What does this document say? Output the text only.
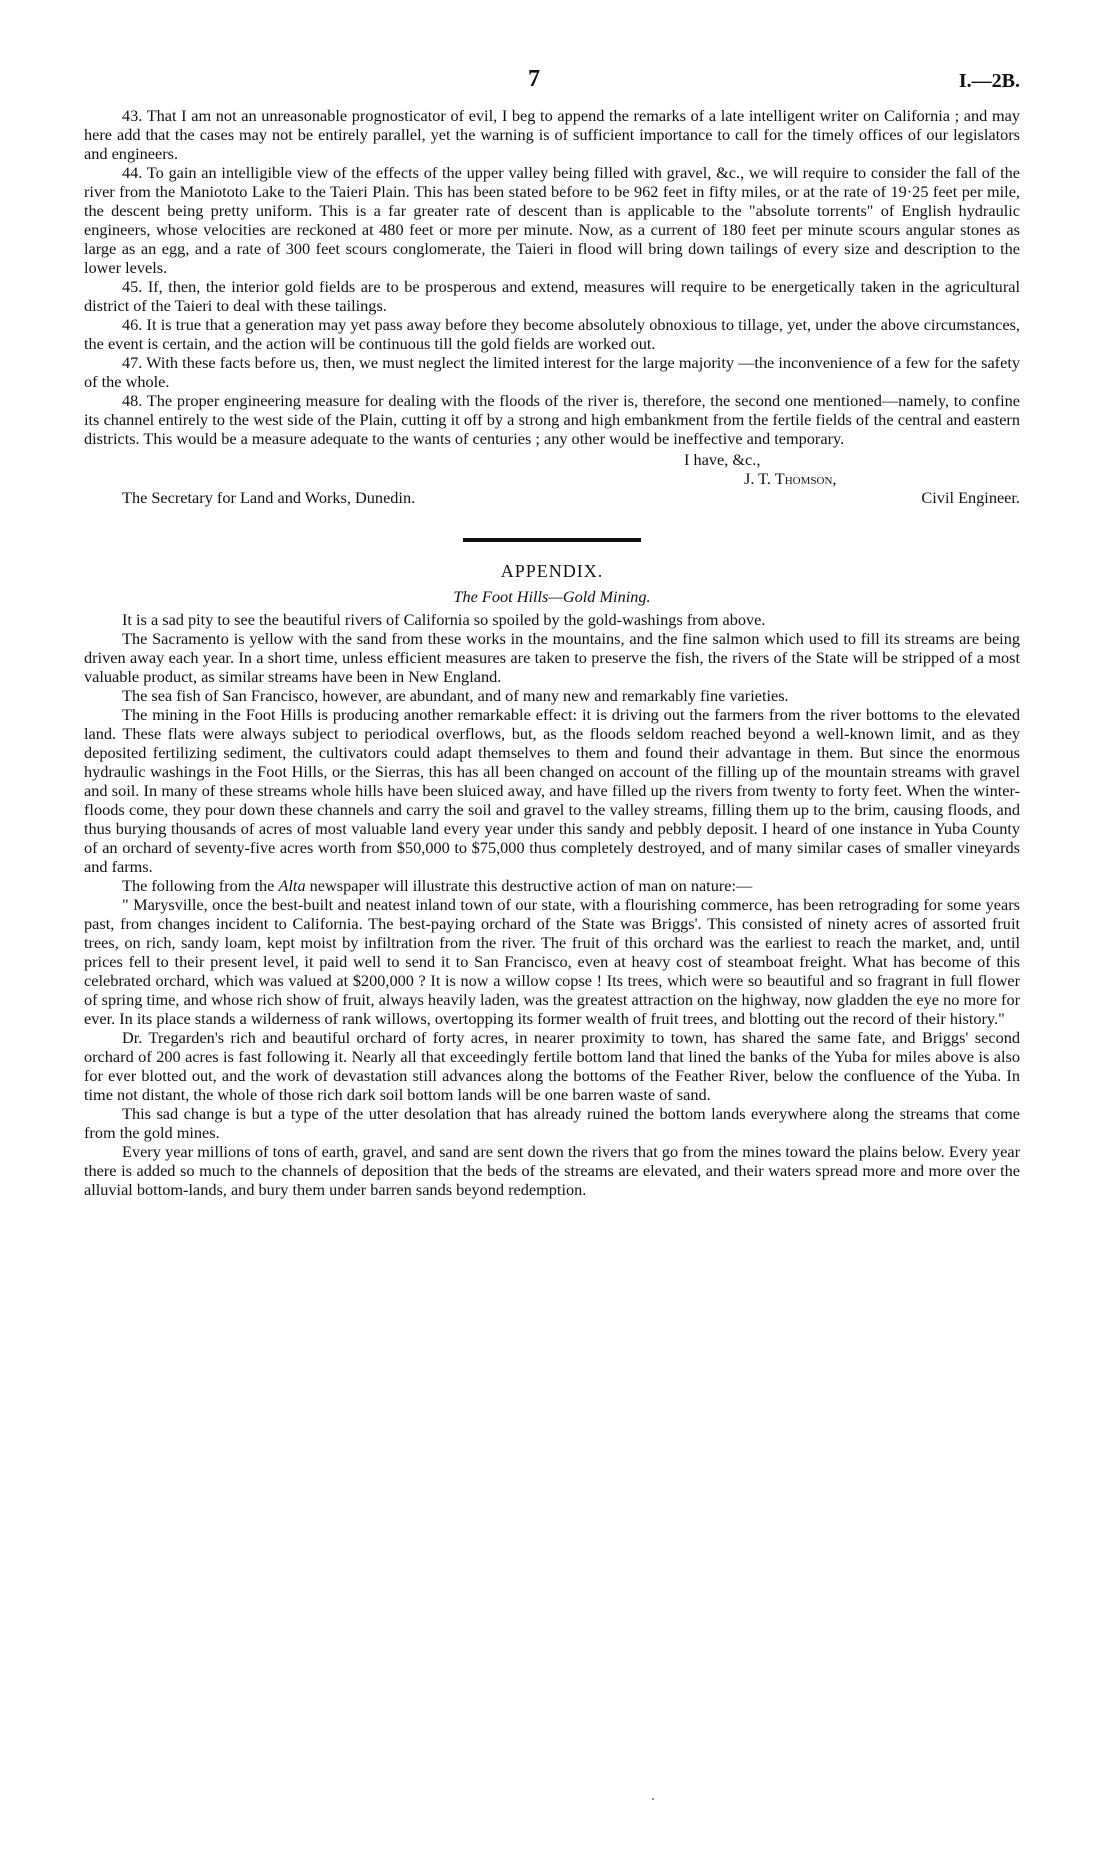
7	I.—2B.

43. That I am not an unreasonable prognosticator of evil, I beg to append the remarks of a late intelligent writer on California ; and may here add that the cases may not be entirely parallel, yet the warning is of sufficient importance to call for the timely offices of our legislators and engineers.

44. To gain an intelligible view of the effects of the upper valley being filled with gravel, &c., we will require to consider the fall of the river from the Maniototo Lake to the Taieri Plain. This has been stated before to be 962 feet in fifty miles, or at the rate of 19·25 feet per mile, the descent being pretty uniform. This is a far greater rate of descent than is applicable to the "absolute torrents" of English hydraulic engineers, whose velocities are reckoned at 480 feet or more per minute. Now, as a current of 180 feet per minute scours angular stones as large as an egg, and a rate of 300 feet scours conglomerate, the Taieri in flood will bring down tailings of every size and description to the lower levels.

45. If, then, the interior gold fields are to be prosperous and extend, measures will require to be energetically taken in the agricultural district of the Taieri to deal with these tailings.

46. It is true that a generation may yet pass away before they become absolutely obnoxious to tillage, yet, under the above circumstances, the event is certain, and the action will be continuous till the gold fields are worked out.

47. With these facts before us, then, we must neglect the limited interest for the large majority —the inconvenience of a few for the safety of the whole.

48. The proper engineering measure for dealing with the floods of the river is, therefore, the second one mentioned—namely, to confine its channel entirely to the west side of the Plain, cutting it off by a strong and high embankment from the fertile fields of the central and eastern districts. This would be a measure adequate to the wants of centuries ; any other would be ineffective and temporary.

I have, &c.,
J. T. Thomson,
Civil Engineer.
The Secretary for Land and Works, Dunedin.
APPENDIX.
The Foot Hills—Gold Mining.

It is a sad pity to see the beautiful rivers of California so spoiled by the gold-washings from above.

The Sacramento is yellow with the sand from these works in the mountains, and the fine salmon which used to fill its streams are being driven away each year. In a short time, unless efficient measures are taken to preserve the fish, the rivers of the State will be stripped of a most valuable product, as similar streams have been in New England.

The sea fish of San Francisco, however, are abundant, and of many new and remarkably fine varieties.

The mining in the Foot Hills is producing another remarkable effect: it is driving out the farmers from the river bottoms to the elevated land. These flats were always subject to periodical overflows, but, as the floods seldom reached beyond a well-known limit, and as they deposited fertilizing sediment, the cultivators could adapt themselves to them and found their advantage in them. But since the enormous hydraulic washings in the Foot Hills, or the Sierras, this has all been changed on account of the filling up of the mountain streams with gravel and soil. In many of these streams whole hills have been sluiced away, and have filled up the rivers from twenty to forty feet. When the winter-floods come, they pour down these channels and carry the soil and gravel to the valley streams, filling them up to the brim, causing floods, and thus burying thousands of acres of most valuable land every year under this sandy and pebbly deposit. I heard of one instance in Yuba County of an orchard of seventy-five acres worth from $50,000 to $75,000 thus completely destroyed, and of many similar cases of smaller vineyards and farms.

The following from the Alta newspaper will illustrate this destructive action of man on nature:—

" Marysville, once the best-built and neatest inland town of our state, with a flourishing commerce, has been retrograding for some years past, from changes incident to California. The best-paying orchard of the State was Briggs'. This consisted of ninety acres of assorted fruit trees, on rich, sandy loam, kept moist by infiltration from the river. The fruit of this orchard was the earliest to reach the market, and, until prices fell to their present level, it paid well to send it to San Francisco, even at heavy cost of steamboat freight. What has become of this celebrated orchard, which was valued at $200,000 ? It is now a willow copse ! Its trees, which were so beautiful and so fragrant in full flower of spring time, and whose rich show of fruit, always heavily laden, was the greatest attraction on the highway, now gladden the eye no more for ever. In its place stands a wilderness of rank willows, overtopping its former wealth of fruit trees, and blotting out the record of their history."

Dr. Tregarden's rich and beautiful orchard of forty acres, in nearer proximity to town, has shared the same fate, and Briggs' second orchard of 200 acres is fast following it. Nearly all that exceedingly fertile bottom land that lined the banks of the Yuba for miles above is also for ever blotted out, and the work of devastation still advances along the bottoms of the Feather River, below the confluence of the Yuba. In time not distant, the whole of those rich dark soil bottom lands will be one barren waste of sand.

This sad change is but a type of the utter desolation that has already ruined the bottom lands everywhere along the streams that come from the gold mines.

Every year millions of tons of earth, gravel, and sand are sent down the rivers that go from the mines toward the plains below. Every year there is added so much to the channels of deposition that the beds of the streams are elevated, and their waters spread more and more over the alluvial bottom-lands, and bury them under barren sands beyond redemption.
